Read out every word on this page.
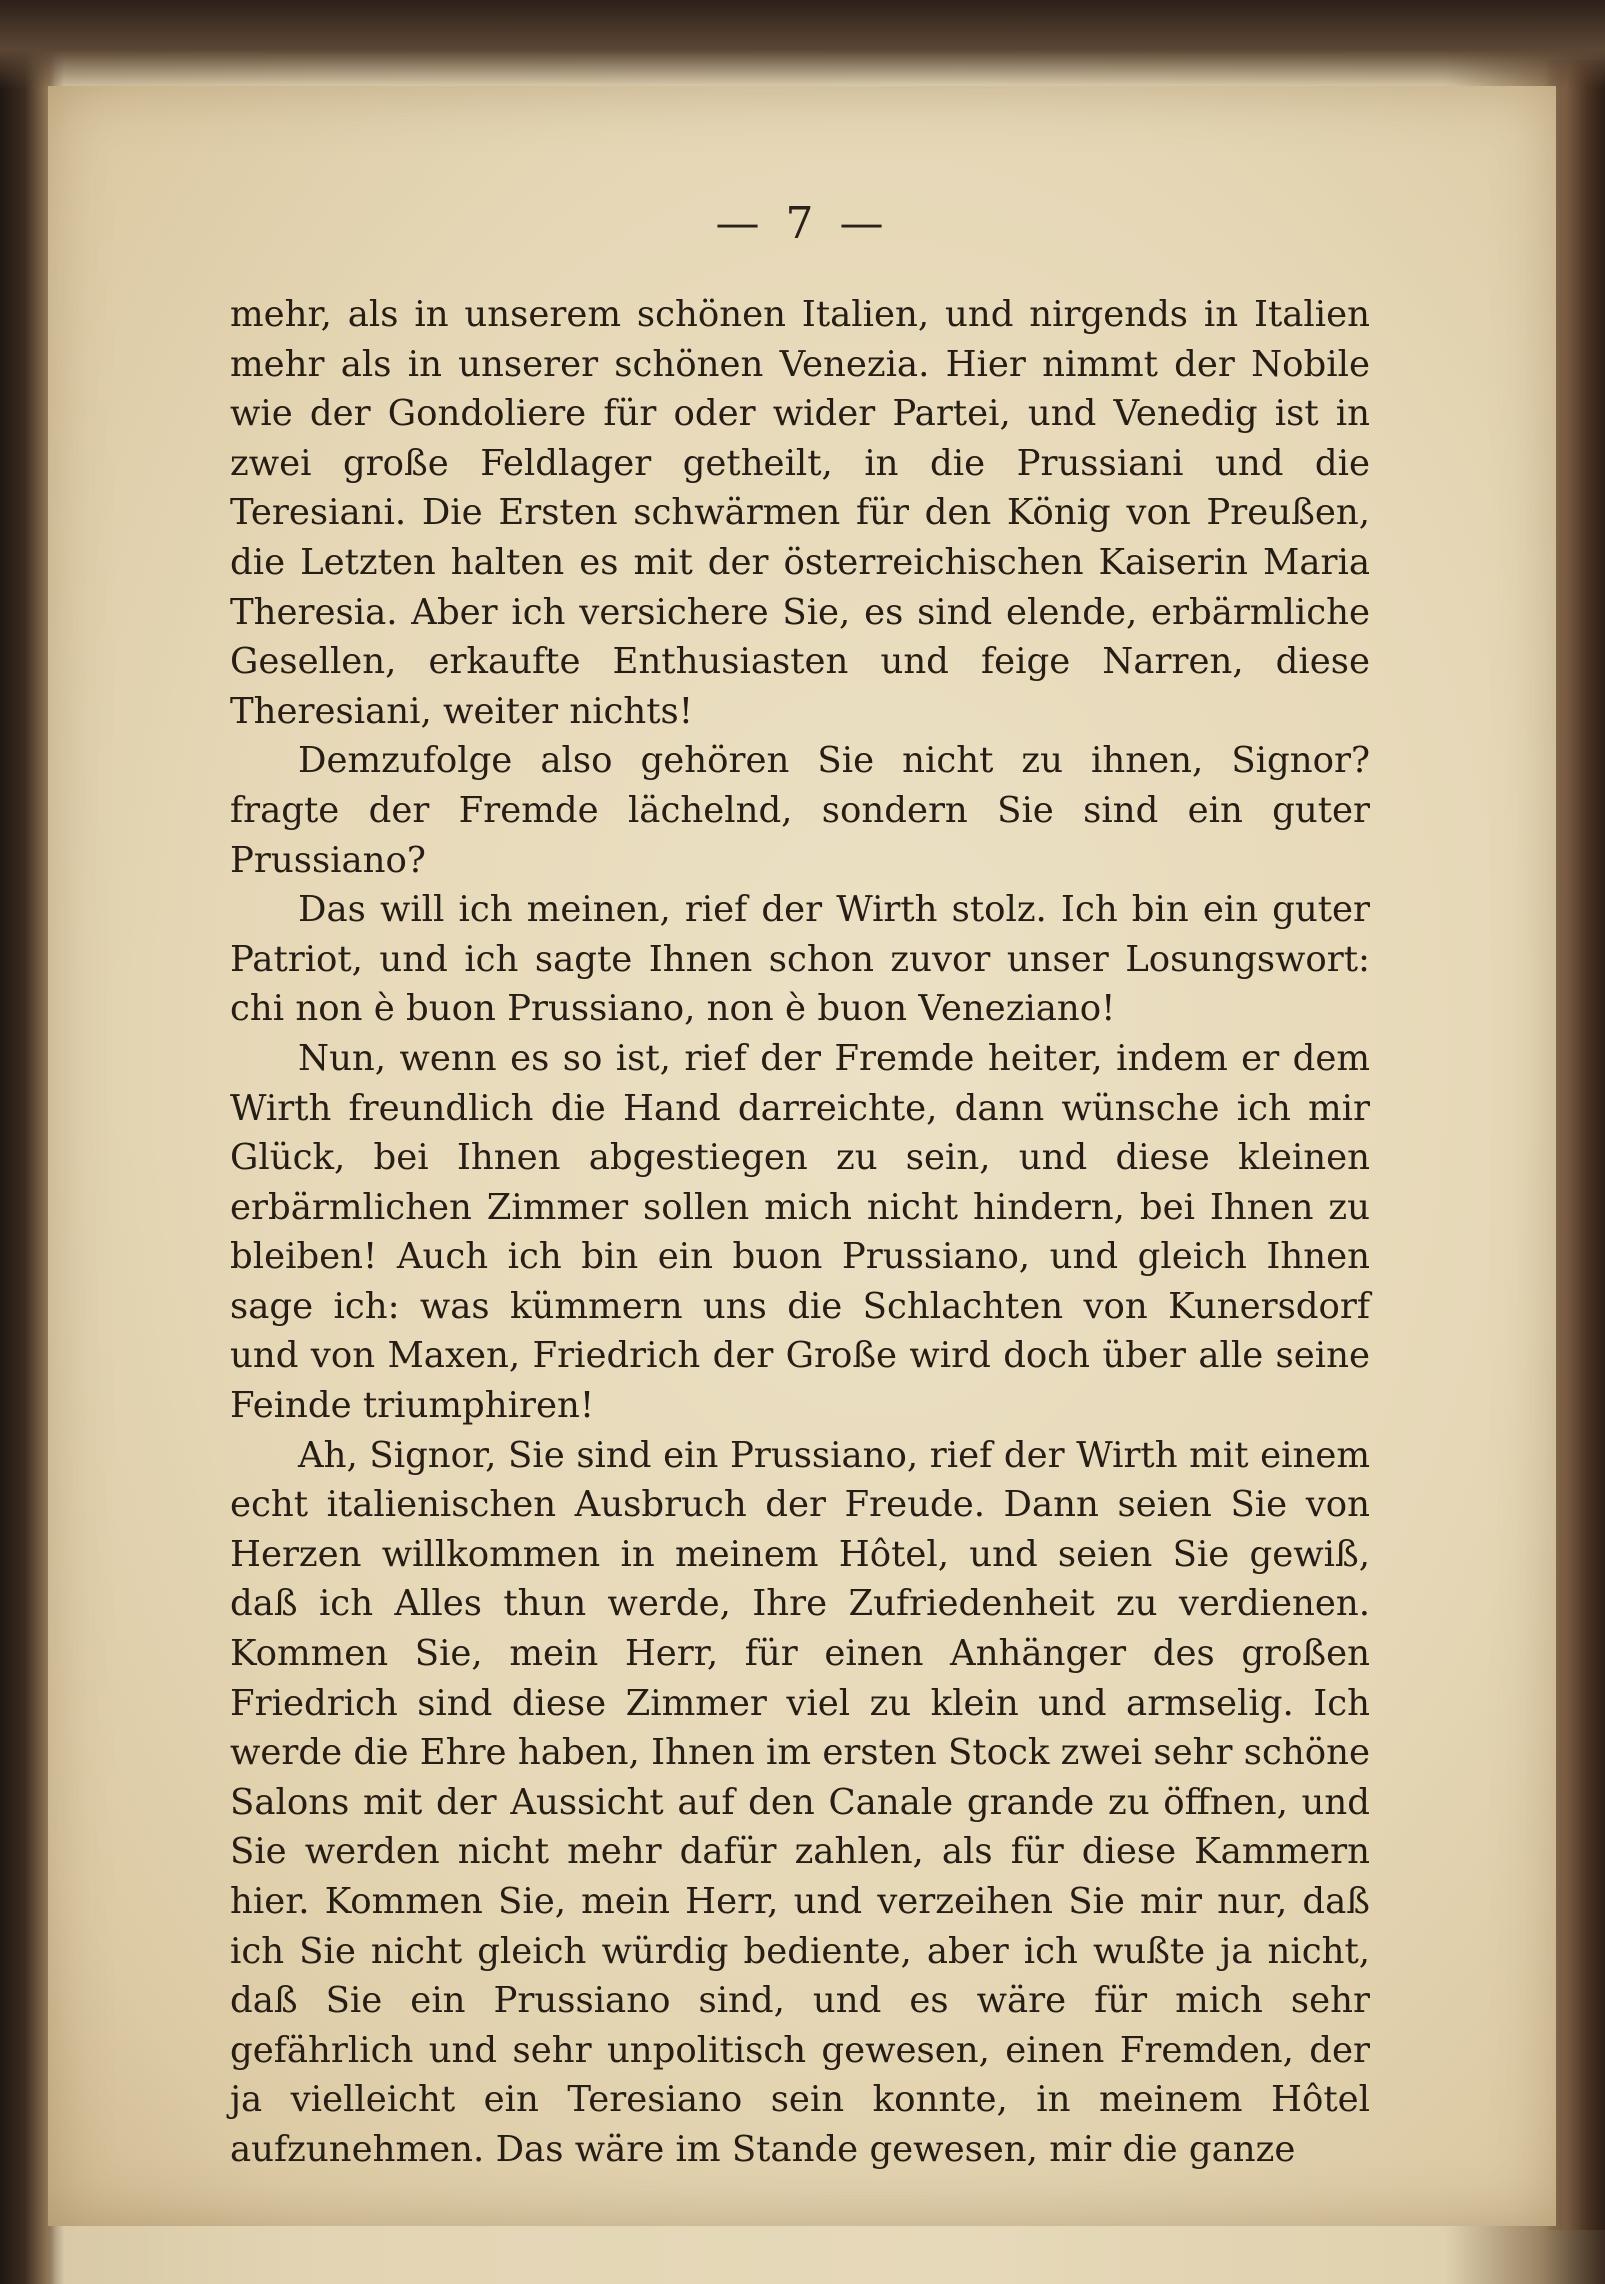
— 7 —

mehr, als in unserem schönen Italien, und nirgends in Italien mehr als in unserer schönen Venezia. Hier nimmt der Nobile wie der Gondoliere für oder wider Partei, und Venedig ist in zwei große Feldlager getheilt, in die Prussiani und die Teresiani. Die Ersten schwärmen für den König von Preußen, die Letzten halten es mit der österreichischen Kaiserin Maria Theresia. Aber ich versichere Sie, es sind elende, erbärmliche Gesellen, erkaufte Enthusiasten und feige Narren, diese Theresiani, weiter nichts!

Demzufolge also gehören Sie nicht zu ihnen, Signor? fragte der Fremde lächelnd, sondern Sie sind ein guter Prussiano?

Das will ich meinen, rief der Wirth stolz. Ich bin ein guter Patriot, und ich sagte Ihnen schon zuvor unser Losungswort: chi non è buon Prussiano, non è buon Veneziano!

Nun, wenn es so ist, rief der Fremde heiter, indem er dem Wirth freundlich die Hand darreichte, dann wünsche ich mir Glück, bei Ihnen abgestiegen zu sein, und diese kleinen erbärmlichen Zimmer sollen mich nicht hindern, bei Ihnen zu bleiben! Auch ich bin ein buon Prussiano, und gleich Ihnen sage ich: was kümmern uns die Schlachten von Kunersdorf und von Maxen, Friedrich der Große wird doch über alle seine Feinde triumphiren!

Ah, Signor, Sie sind ein Prussiano, rief der Wirth mit einem echt italienischen Ausbruch der Freude. Dann seien Sie von Herzen willkommen in meinem Hôtel, und seien Sie gewiß, daß ich Alles thun werde, Ihre Zufriedenheit zu verdienen. Kommen Sie, mein Herr, für einen Anhänger des großen Friedrich sind diese Zimmer viel zu klein und armselig. Ich werde die Ehre haben, Ihnen im ersten Stock zwei sehr schöne Salons mit der Aussicht auf den Canale grande zu öffnen, und Sie werden nicht mehr dafür zahlen, als für diese Kammern hier. Kommen Sie, mein Herr, und verzeihen Sie mir nur, daß ich Sie nicht gleich würdig bediente, aber ich wußte ja nicht, daß Sie ein Prussiano sind, und es wäre für mich sehr gefährlich und sehr unpolitisch gewesen, einen Fremden, der ja vielleicht ein Teresiano sein konnte, in meinem Hôtel aufzunehmen. Das wäre im Stande gewesen, mir die ganze
